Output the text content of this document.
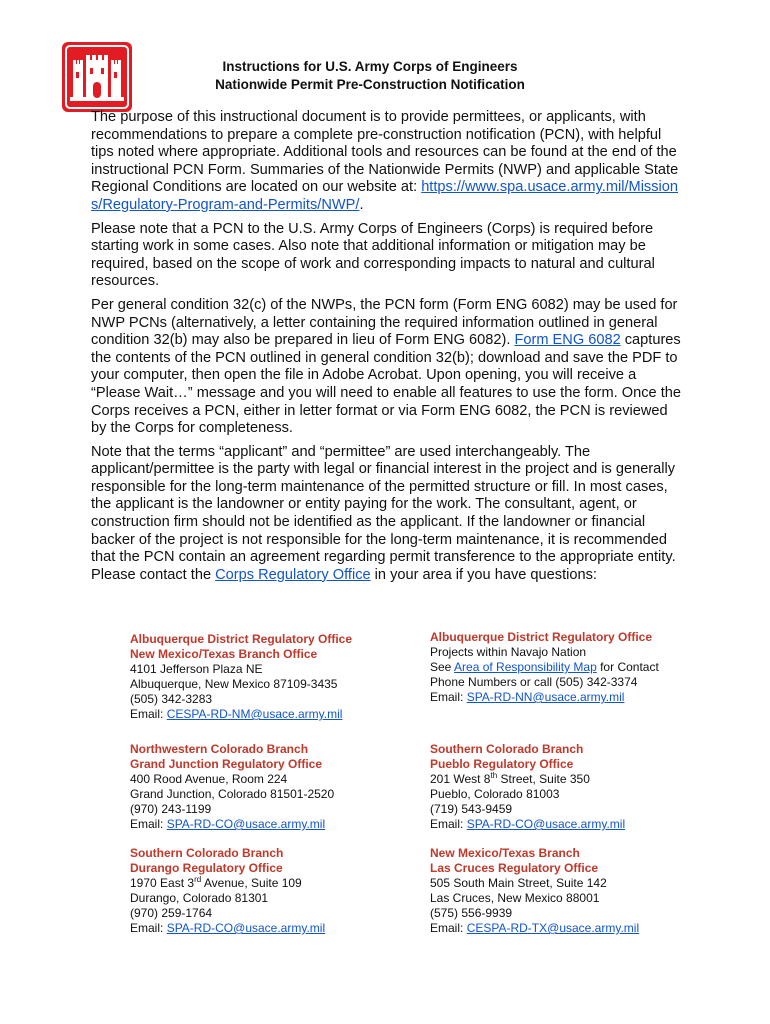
Instructions for U.S. Army Corps of Engineers
Nationwide Permit Pre-Construction Notification

The purpose of this instructional document is to provide permittees, or applicants, with recommendations to prepare a complete pre-construction notification (PCN), with helpful tips noted where appropriate. Additional tools and resources can be found at the end of the instructional PCN Form. Summaries of the Nationwide Permits (NWP) and applicable State Regional Conditions are located on our website at: https://www.spa.usace.army.mil/Missions/Regulatory-Program-and-Permits/NWP/.

Please note that a PCN to the U.S. Army Corps of Engineers (Corps) is required before starting work in some cases. Also note that additional information or mitigation may be required, based on the scope of work and corresponding impacts to natural and cultural resources.

Per general condition 32(c) of the NWPs, the PCN form (Form ENG 6082) may be used for NWP PCNs (alternatively, a letter containing the required information outlined in general condition 32(b) may also be prepared in lieu of Form ENG 6082). Form ENG 6082 captures the contents of the PCN outlined in general condition 32(b); download and save the PDF to your computer, then open the file in Adobe Acrobat. Upon opening, you will receive a “Please Wait…” message and you will need to enable all features to use the form. Once the Corps receives a PCN, either in letter format or via Form ENG 6082, the PCN is reviewed by the Corps for completeness.

Note that the terms “applicant” and “permittee” are used interchangeably. The applicant/permittee is the party with legal or financial interest in the project and is generally responsible for the long-term maintenance of the permitted structure or fill. In most cases, the applicant is the landowner or entity paying for the work. The consultant, agent, or construction firm should not be identified as the applicant. If the landowner or financial backer of the project is not responsible for the long-term maintenance, it is recommended that the PCN contain an agreement regarding permit transference to the appropriate entity. Please contact the Corps Regulatory Office in your area if you have questions:

Albuquerque District Regulatory Office
New Mexico/Texas Branch Office
4101 Jefferson Plaza NE
Albuquerque, New Mexico 87109-3435
(505) 342-3283
Email: CESPA-RD-NM@usace.army.mil
Albuquerque District Regulatory Office
Projects within Navajo Nation
See Area of Responsibility Map for Contact
Phone Numbers or call (505) 342-3374
Email: SPA-RD-NN@usace.army.mil
Northwestern Colorado Branch
Grand Junction Regulatory Office
400 Rood Avenue, Room 224
Grand Junction, Colorado 81501-2520
(970) 243-1199
Email: SPA-RD-CO@usace.army.mil
Southern Colorado Branch
Pueblo Regulatory Office
201 West 8th Street, Suite 350
Pueblo, Colorado 81003
(719) 543-9459
Email: SPA-RD-CO@usace.army.mil
Southern Colorado Branch
Durango Regulatory Office
1970 East 3rd Avenue, Suite 109
Durango, Colorado 81301
(970) 259-1764
Email: SPA-RD-CO@usace.army.mil
New Mexico/Texas Branch
Las Cruces Regulatory Office
505 South Main Street, Suite 142
Las Cruces, New Mexico 88001
(575) 556-9939
Email: CESPA-RD-TX@usace.army.mil
